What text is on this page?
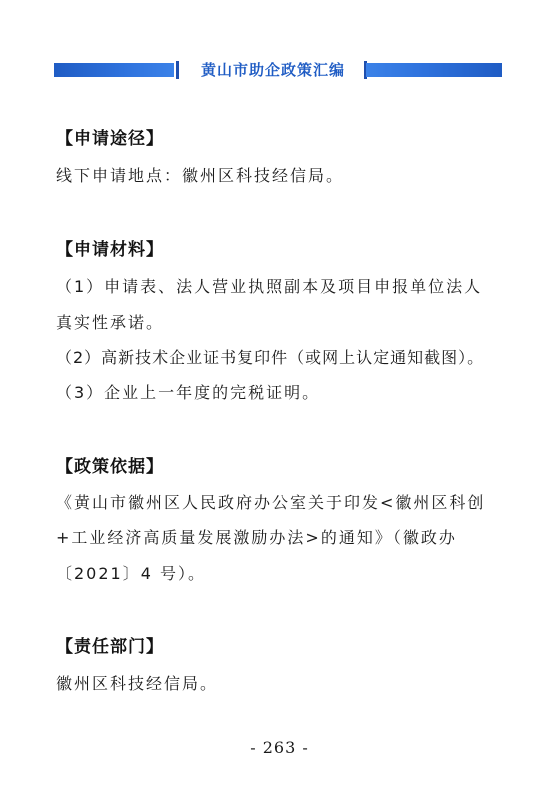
黄山市助企政策汇编
【申请途径】
线下申请地点：徽州区科技经信局。
【申请材料】
（1）申请表、法人营业执照副本及项目申报单位法人
真实性承诺。
（2）高新技术企业证书复印件（或网上认定通知截图）。
（3）企业上一年度的完税证明。
【政策依据】
《黄山市徽州区人民政府办公室关于印发<徽州区科创
+工业经济高质量发展激励办法>的通知》（徽政办
〔2021〕4 号）。
【责任部门】
徽州区科技经信局。
- 263 -
